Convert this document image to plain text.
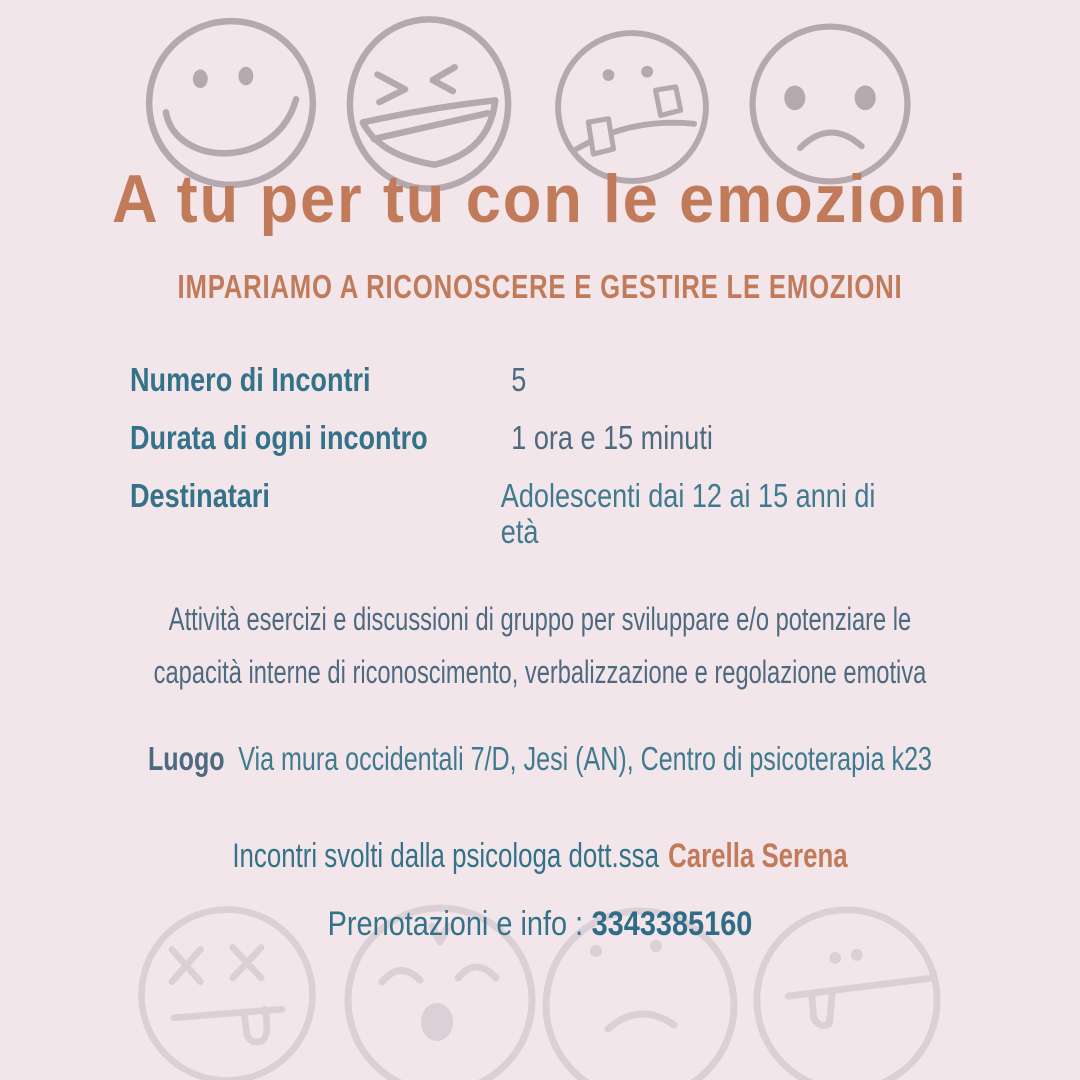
A tu per tu con le emozioni
IMPARIAMO A RICONOSCERE E GESTIRE LE EMOZIONI
Numero di Incontri	5
Durata di ogni incontro	1 ora e 15 minuti
Destinatari	Adolescenti dai 12 ai 15 anni di età
Attività esercizi e discussioni di gruppo per sviluppare e/o potenziare le
capacità interne di riconoscimento, verbalizzazione e regolazione emotiva
Luogo Via mura occidentali 7/D, Jesi (AN), Centro di psicoterapia k23
Incontri svolti dalla psicologa dott.ssa Carella Serena
Prenotazioni e info : 3343385160
